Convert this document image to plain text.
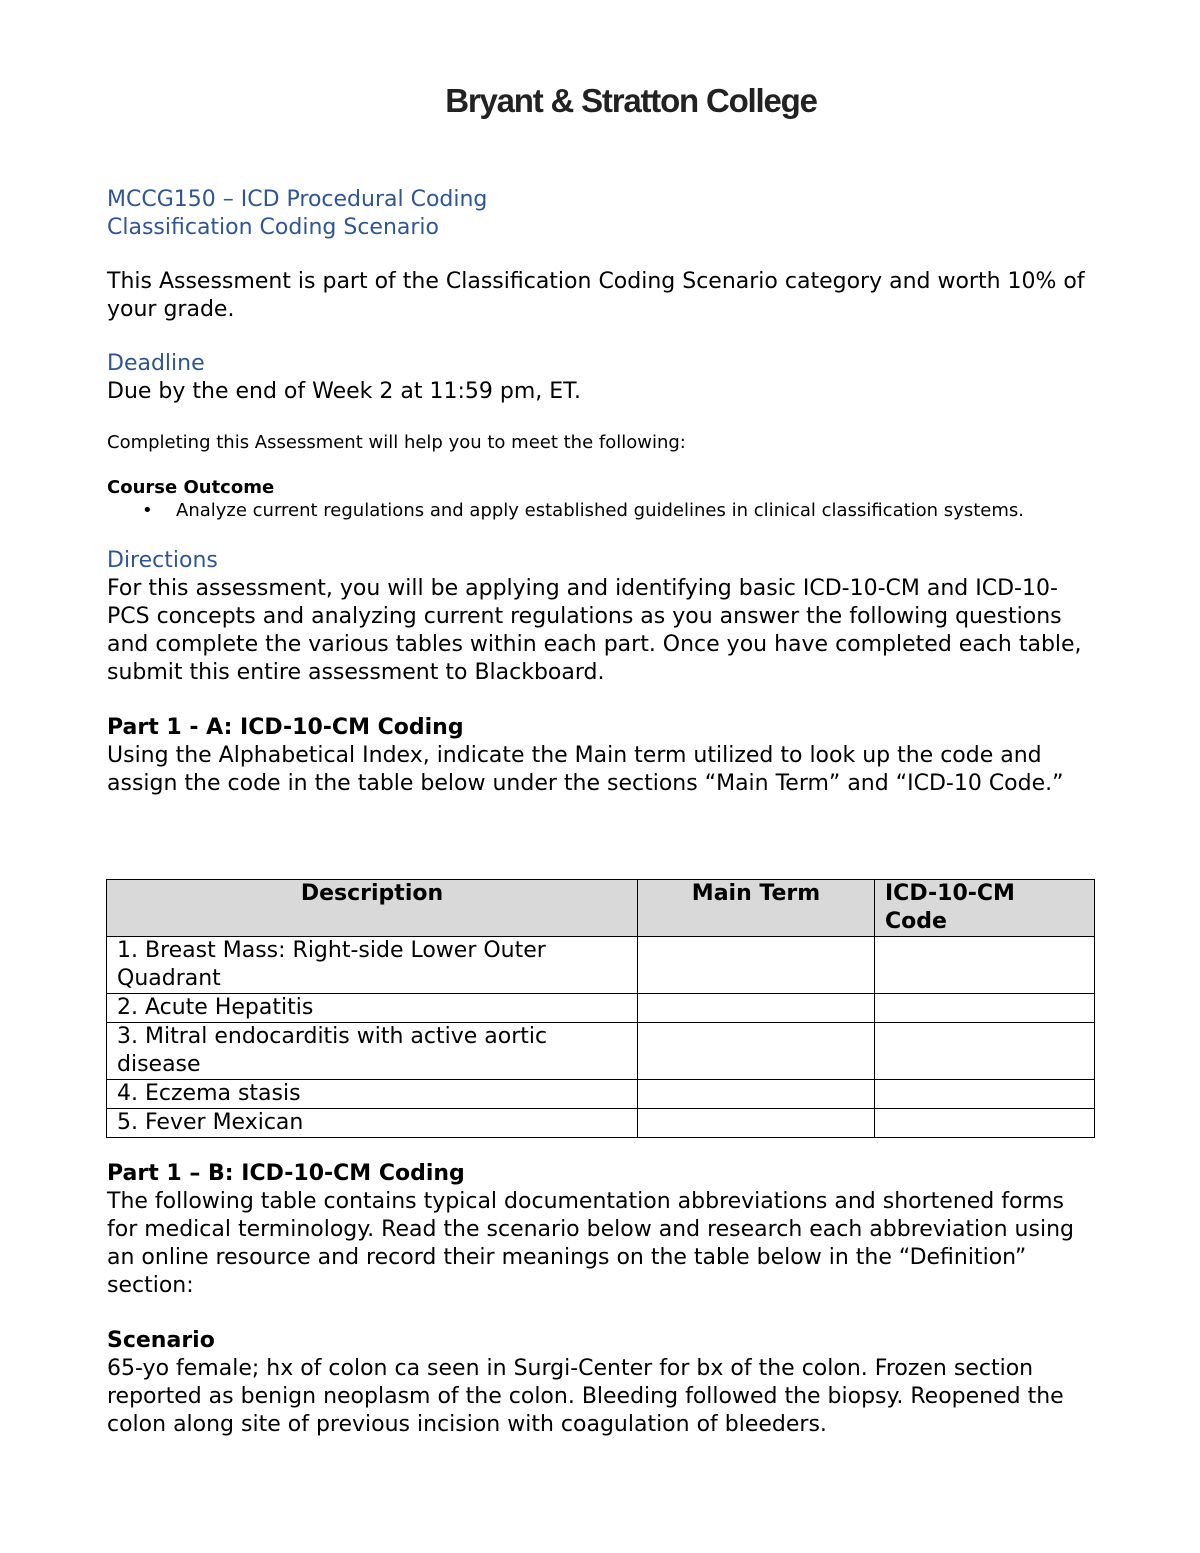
Bryant & Stratton College
MCCG150 – ICD Procedural Coding
Classification Coding Scenario
This Assessment is part of the Classification Coding Scenario category and worth 10% of your grade.
Deadline
Due by the end of Week 2 at 11:59 pm, ET.
Completing this Assessment will help you to meet the following:
Course Outcome
• Analyze current regulations and apply established guidelines in clinical classification systems.
Directions
For this assessment, you will be applying and identifying basic ICD-10-CM and ICD-10-PCS concepts and analyzing current regulations as you answer the following questions and complete the various tables within each part. Once you have completed each table, submit this entire assessment to Blackboard.
Part 1 - A: ICD-10-CM Coding
Using the Alphabetical Index, indicate the Main term utilized to look up the code and assign the code in the table below under the sections “Main Term” and “ICD-10 Code.”
Description	Main Term	ICD-10-CM Code
1. Breast Mass: Right-side Lower Outer Quadrant		
2. Acute Hepatitis		
3. Mitral endocarditis with active aortic disease		
4. Eczema stasis		
5. Fever Mexican		
Part 1 – B: ICD-10-CM Coding
The following table contains typical documentation abbreviations and shortened forms for medical terminology. Read the scenario below and research each abbreviation using an online resource and record their meanings on the table below in the “Definition” section:
Scenario
65-yo female; hx of colon ca seen in Surgi-Center for bx of the colon. Frozen section reported as benign neoplasm of the colon. Bleeding followed the biopsy. Reopened the colon along site of previous incision with coagulation of bleeders.
